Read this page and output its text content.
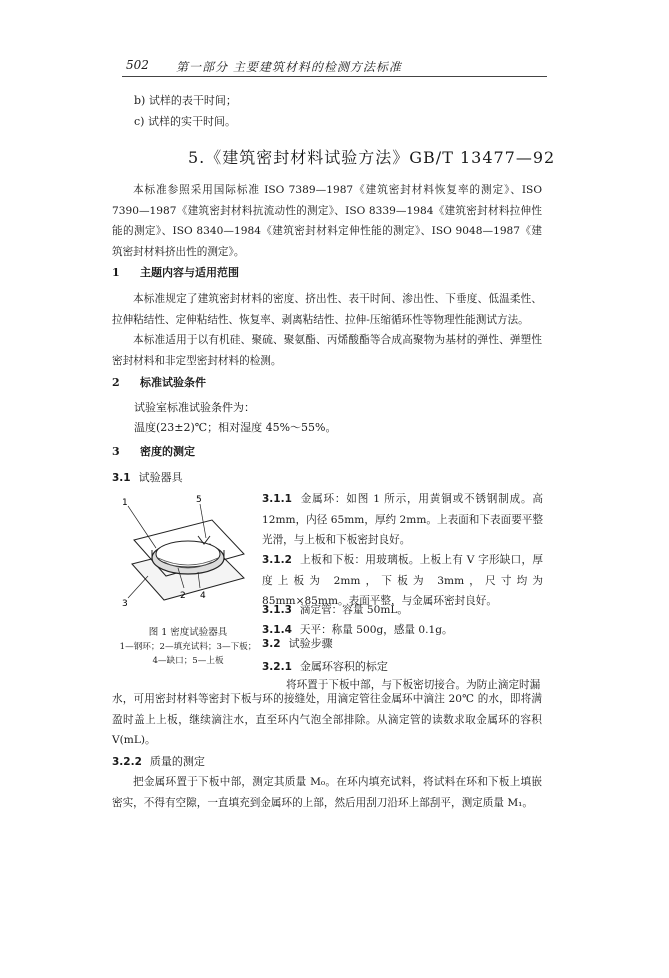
502 第一部分 主要建筑材料的检测方法标准
b) 试样的表干时间；
c) 试样的实干时间。
5.《建筑密封材料试验方法》GB/T 13477—92
本标准参照采用国际标准 ISO 7389—1987《建筑密封材料恢复率的测定》、ISO 7390—1987《建筑密封材料抗流动性的测定》、ISO 8339—1984《建筑密封材料拉伸性能的测定》、ISO 8340—1984《建筑密封材料定伸性能的测定》、ISO 9048—1987《建筑密封材料挤出性的测定》。
1 主题内容与适用范围
本标准规定了建筑密封材料的密度、挤出性、表干时间、渗出性、下垂度、低温柔性、拉伸粘结性、定伸粘结性、恢复率、剥离粘结性、拉伸-压缩循环性等物理性能测试方法。
本标准适用于以有机硅、聚硫、聚氨酯、丙烯酸酯等合成高聚物为基材的弹性、弹塑性密封材料和非定型密封材料的检测。
2 标准试验条件
试验室标准试验条件为：
温度(23±2)℃；相对湿度 45%～55%。
3 密度的测定
3.1 试验器具
1	5
2
3
4
图 1 密度试验器具
1—钢环；2—填充试料；3—下板；
4—缺口；5—上板
3.1.1 金属环：如图 1 所示，用黄铜或不锈钢制成。高 12mm，内径 65mm，厚约 2mm。上表面和下表面要平整光滑，与上板和下板密封良好。
3.1.2 上板和下板：用玻璃板。上板上有 V 字形缺口，厚度上板为 2mm，下板为 3mm，尺寸均为 85mm×85mm。表面平整，与金属环密封良好。
3.1.3 滴定管：容量 50mL。
3.1.4 天平：称量 500g，感量 0.1g。
3.2 试验步骤
3.2.1 金属环容积的标定
将环置于下板中部，与下板密切接合。为防止滴定时漏
水，可用密封材料等密封下板与环的接缝处，用滴定管往金属环中滴注 20℃ 的水，即将满盈时盖上上板，继续滴注水，直至环内气泡全部排除。从滴定管的读数求取金属环的容积 V(mL)。
3.2.2 质量的测定
把金属环置于下板中部，测定其质量 M₀。在环内填充试料，将试料在环和下板上填嵌密实，不得有空隙，一直填充到金属环的上部，然后用刮刀沿环上部刮平，测定质量 M₁。
